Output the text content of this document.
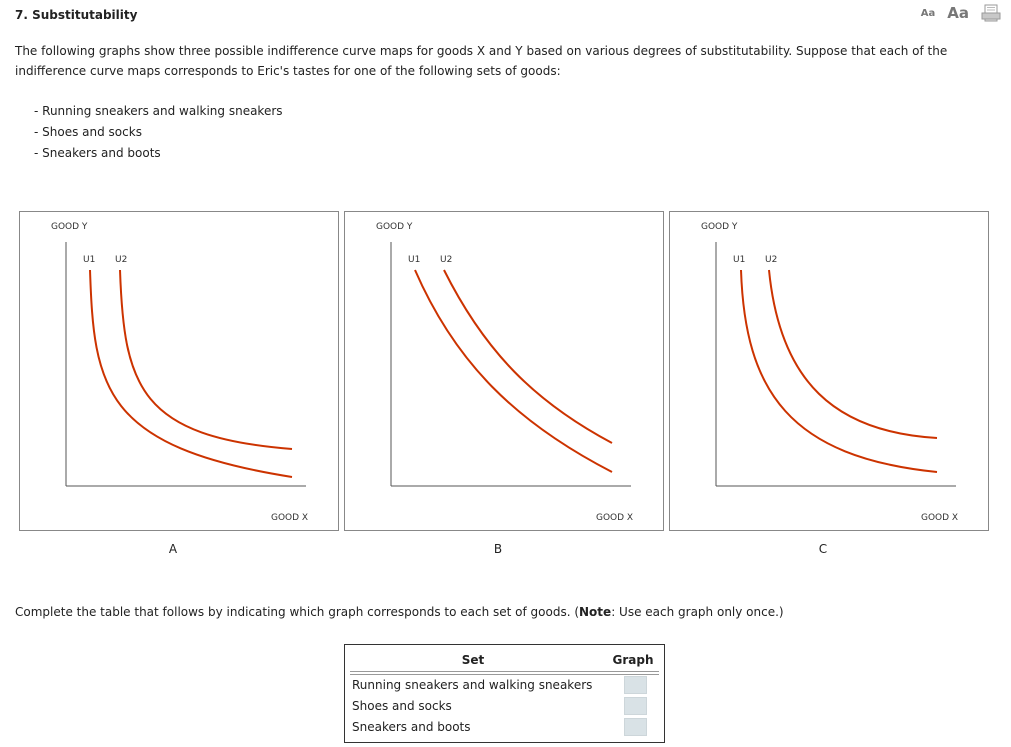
7. Substitutability	Aa Aa
The following graphs show three possible indifference curve maps for goods X and Y based on various degrees of substitutability. Suppose that each of the indifference curve maps corresponds to Eric's tastes for one of the following sets of goods:
- Running sneakers and walking sneakers
- Shoes and socks
- Sneakers and boots
GOOD Y
GOOD X
U1 U2
GOOD Y
GOOD X
U1 U2
GOOD Y
GOOD X
U1 U2
A	B	C
Complete the table that follows by indicating which graph corresponds to each set of goods. (Note: Use each graph only once.)
Set	Graph
Running sneakers and walking sneakers
Shoes and socks
Sneakers and boots
